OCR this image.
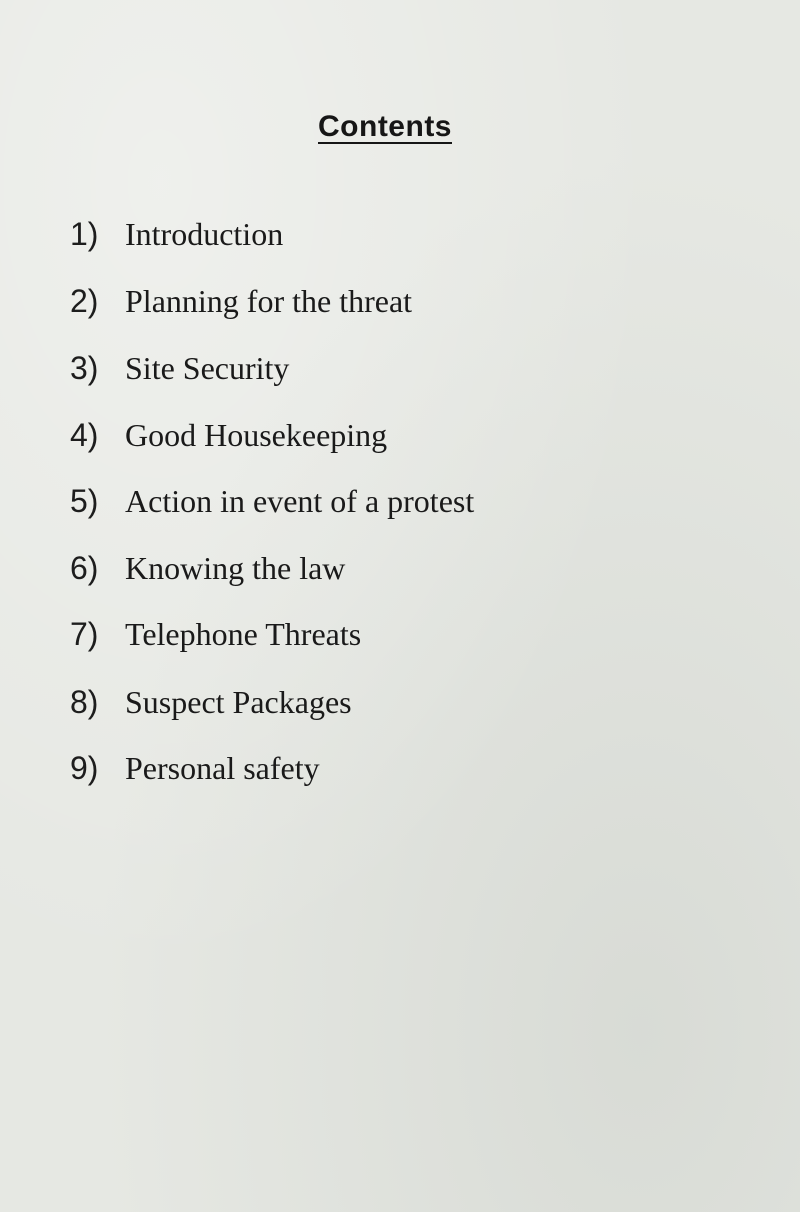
Contents
1) Introduction
2) Planning for the threat
3) Site Security
4) Good Housekeeping
5) Action in event of a protest
6) Knowing the law
7) Telephone Threats
8) Suspect Packages
9) Personal safety
